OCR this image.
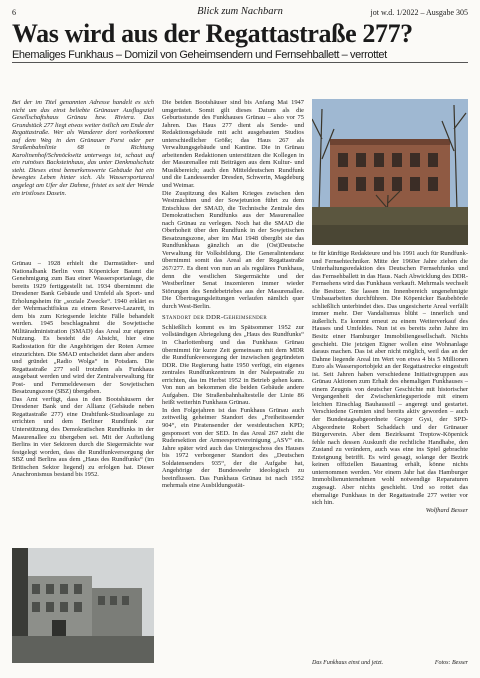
6	Blick zum Nachbarn	jot w.d. 1/2022 – Ausgabe 305
Was wird aus der Regattastraße 277?
Ehemaliges Funkhaus – Domizil von Geheimsendern und Fernsehballett – verrottet
Bei der im Titel genannten Adresse handelt es sich nicht um das einst beliebte Grünauer Ausflugsziel Gesellschaftshaus Grünau bzw. Riviera. Das Grundstück 277 liegt etwas weiter östlich am Ende der Regattastraße. Wer als Wanderer dort vorbeikommt auf dem Weg in den Grünauer Forst oder per Straßenbahnlinie 68 in Richtung Karolinenhof/Schmöckwitz unterwegs ist, schaut auf ein ruinöses Backsteinhaus, das unter Denkmalschutz steht. Dieses einst bemerkenswerte Gebäude hat ein bewegtes Leben hinter sich. Als Wassersportareal angelegt am Ufer der Dahme, fristet es seit der Wende ein tristloses Dasein.

Grünau – 1928 erhielt die Darmstädter- und Nationalbank Berlin vom Köpenicker Baumt die Genehmigung zum Bau einer Wassersportanlage, die bereits 1929 fertiggestellt ist. 1934 übernimmt die Dresdener Bank Gebäude und Umfeld als Sport- und Erholungsheim für „soziale Zwecke“. 1940 erklärt es der Wehrmachtfiskus zu einem Reserve-Lazarett, in dem bis zum Kriegsende leichte Fälle behandelt werden. 1945 beschlagnahmt die Sowjetische Militäradministration (SMAD) das Areal zur eigenen Nutzung. Es besteht die Absicht, hier eine Radiostation für die Angehörigen der Roten Armee einzurichten. Die SMAD entscheidet dann aber anders und gründet „Radio Wolga“ in Potsdam. Die Regattastraße 277 soll trotzdem als Funkhaus ausgebaut werden und wird der Zentralverwaltung für Post- und Fernmeldewesen der Sowjetischen Besatzungszone (SBZ) übergeben.

Das Amt verfügt, dass in den Bootshäusern der Dresdener Bank und der Allianz (Gebäude neben Regattastraße 277) eine Drahtfunk-Studioanlage zu errichten und dem Berliner Rundfunk zur Unterstützung des Demokratischen Rundfunks in der Masurenallee zu übergeben sei. Mit der Aufteilung Berlins in vier Sektoren durch die Siegermächte war festgelegt worden, dass die Rundfunkversorgung der SBZ und Berlins aus dem „Haus des Rundfunks“ (im Britischen Sektor liegend) zu erfolgen hat. Dieser Anachronismus bestand bis 1952.

Die beiden Bootshäuser sind bis Anfang Mai 1947 umgerüstet. Somit gilt dieses Datum als die Geburtsstunde des Funkhauses Grünau – also vor 75 Jahren. Das Haus 277 dient als Sende- und Redaktionsgebäude mit acht ausgebauten Studios unterschiedlicher Größe; das Haus 267 als Verwaltungsgebäude und Kantine. Die in Grünau arbeitenden Redaktionen unterstützen die Kollegen in der Masurenallee mit Beiträgen aus dem Kultur- und Musikbereich; auch den Mitteldeutschen Rundfunk und die Landessender Dresden, Schwerin, Magdeburg und Weimar.

Die Zuspitzung des Kalten Krieges zwischen den Westmächten und der Sowjetunion führt zu dem Entschluss der SMAD, die Technische Zentrale des Demokratischen Rundfunks aus der Masurenallee nach Grünau zu verlegen. Noch hat die SMAD die Oberhoheit über den Rundfunk in der Sowjetischen Besatzungszone, aber im Mai 1948 übergibt sie das Rundfunkhaus gänzlich an die (Ost)Deutsche Verwaltung für Volksbildung. Die Generalintendanz übernimmt somit das Areal an der Regattastraße 267/277. Es dient von nun an als reguläres Funkhaus, denn die westlichen Siegermächte und der Westberliner Senat inszenieren immer wieder Störungen des Sendebetriebes aus der Masurenallee. Die Übertragungsleitungen verlaufen nämlich quer durch West-Berlin.

Standort der DDR-Geheimsender

Schließlich kommt es im Spätsommer 1952 zur vollständigen Abriegelung des „Haus des Rundfunks“ in Charlottenburg und das Funkhaus Grünau übernimmt für kurze Zeit gemeinsam mit dem MDR die Rundfunkversorgung der inzwischen gegründeten DDR. Die Regierung hatte 1950 verfügt, ein eigenes zentrales Rundfunkzentrum in der Nalepastraße zu errichten, das im Herbst 1952 in Betrieb gehen kann. Von nun an bekommen die beiden Gebäude andere Aufgaben. Die Straßenbahnhaltestelle der Linie 86 heißt weiterhin Funkhaus Grünau.

In den Folgejahren ist das Funkhaus Grünau auch zeitweilig geheimer Standort des „Freiheitssender 904“, ein Piratensender der westdeutschen KPD; gesponsort von der SED. In das Areal 267 zieht die Rudersektion der Armeesportvereinigung „ASV“ ein. Jahre später wird auch das Untergeschoss des Hauses bis 1972 verborgener Standort des „Deutschen Soldatensenders 935“, der die Aufgabe hat, Angehörige der Bundeswehr ideologisch zu beeinflussen. Das Funkhaus Grünau ist nach 1952 mehrmals eine Ausbildungsstät-

te für künftige Redakteure und bis 1991 auch für Rundfunk- und Fernsehtechniker. Mitte der 1960er Jahre ziehen die Unterhaltungsredaktion des Deutschen Fernsehfunks und das Fernsehballett in das Haus. Nach Abwicklung des DDR-Fernsehens wird das Funkhaus verkauft. Mehrmals wechselt die Besitzer. Sie lassen im Innenbereich ungenehmigte Umbauarbeiten durchführen. Die Köpenicker Baubehörde schließlich unterbindet dies. Das ungesicherte Areal verfällt immer mehr. Der Vandalismus blüht – innerlich und äußerlich. Es kommt erneut zu einem Weiterverkauf des Hauses und Umfeldes. Nun ist es bereits zehn Jahre im Besitz einer Hamburger Immobiliengesellschaft. Nichts geschieht. Die jetzigen Eigner wollen eine Wohnanlage daraus machen. Das ist aber nicht möglich, weil das an der Dahme liegende Areal im Wert von etwa 4 bis 5 Millionen Euro als Wassersportobjekt an der Regattastrecke eingestuft ist. Seit Jahren haben verschiedene Initiativgruppen aus Grünau Aktionen zum Erhalt des ehemaligen Funkhauses – einem Zeugnis von deutscher Geschichte mit historischer Vergangenheit der Zwischenkriegsperiode mit einem leichten Einschlag Bauhausstil – angeregt und gestartet. Verschiedene Gremien sind bereits aktiv geworden – auch der Bundestagsabgeordnete Gregor Gysi, der SPD-Abgeordnete Robert Schaddach und der Grünauer Bürgerverein. Aber dem Bezirksamt Treptow-Köpenick fehle nach dessen Auskunft die rechtliche Handhabe, den Zustand zu verändern, auch was eine ins Spiel gebrachte Enteignung betrifft. Es wird gesagt, solange der Bezirk keinen offiziellen Bauantrag erhält, könne nichts unternommen werden. Vor einem Jahr hat das Hamburger Immobilienunternehmen wohl notwendige Reparaturen zugesagt. Aber nichts geschieht. Und so rottet das ehemalige Funkhaus in der Regattastraße 277 weiter vor sich hin.

Wolfhard Besser

Das Funkhaus einst und jetzt.	Fotos: Besser
